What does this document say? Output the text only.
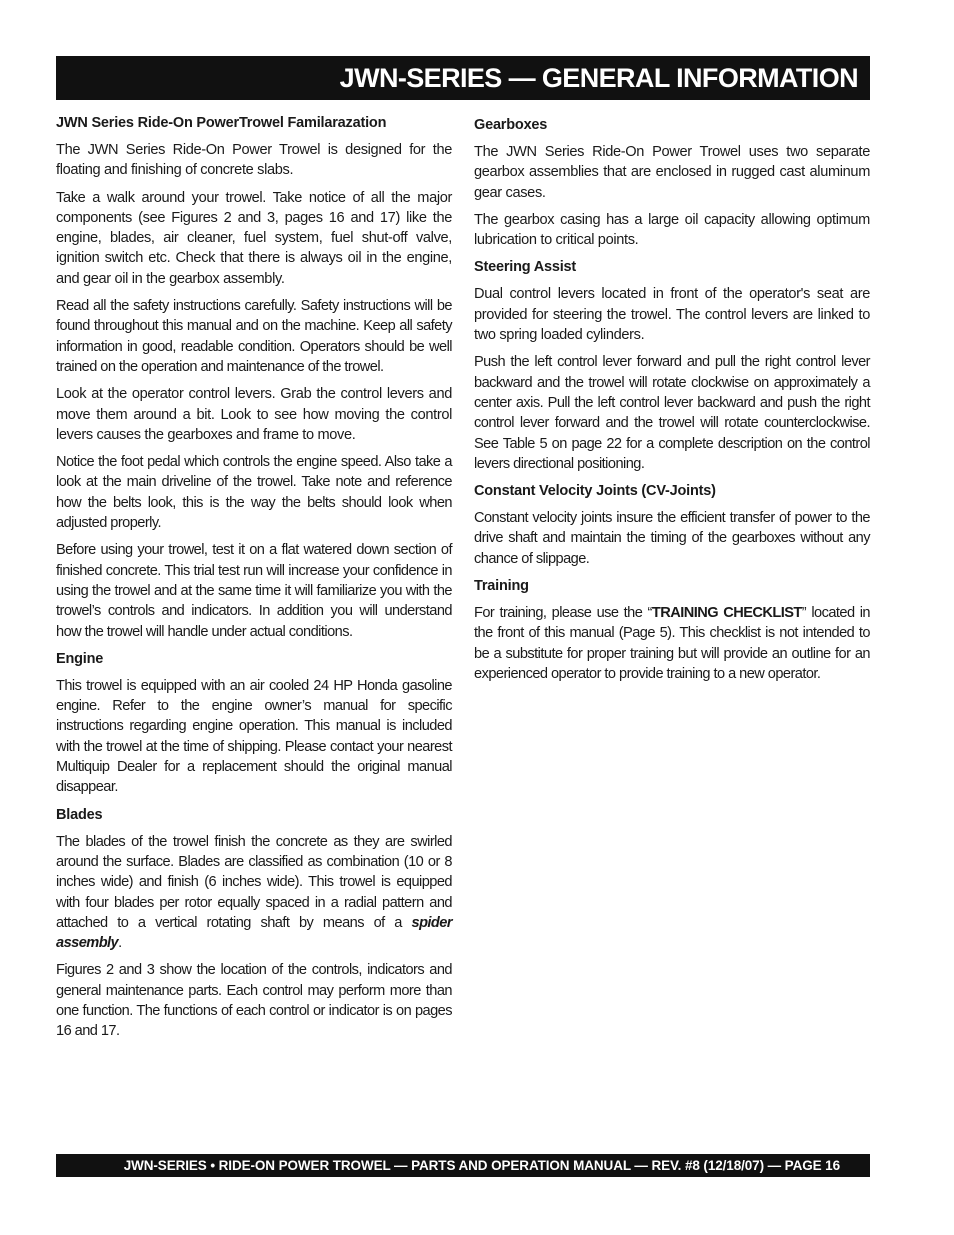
JWN-SERIES — GENERAL INFORMATION
JWN Series Ride-On PowerTrowel Familarazation

The JWN Series Ride-On Power Trowel is designed for the floating and finishing of concrete slabs.

Take a walk around your trowel. Take notice of all the major components (see Figures 2 and 3, pages 16 and 17) like the engine, blades, air cleaner, fuel system, fuel shut-off valve, ignition switch etc. Check that there is always oil in the engine, and gear oil in the gearbox assembly.

Read all the safety instructions carefully. Safety instructions will be found throughout this manual and on the machine. Keep all safety information in good, readable condition. Operators should be well trained on the operation and maintenance of the trowel.

Look at the operator control levers. Grab the control levers and move them around a bit. Look to see how moving the control levers causes the gearboxes and frame to move.

Notice the foot pedal which controls the engine speed. Also take a look at the main driveline of the trowel. Take note and reference how the belts look, this is the way the belts should look when adjusted properly.

Before using your trowel, test it on a flat watered down section of finished concrete. This trial test run will increase your confidence in using the trowel and at the same time it will familiarize you with the trowel’s controls and indicators. In addition you will understand how the trowel will handle under actual conditions.

Engine

This trowel is equipped with an air cooled 24 HP Honda gasoline engine. Refer to the engine owner’s manual for specific instructions regarding engine operation. This manual is included with the trowel at the time of shipping. Please contact your nearest Multiquip Dealer for a replacement should the original manual disappear.

Blades

The blades of the trowel finish the concrete as they are swirled around the surface. Blades are classified as combination (10 or 8 inches wide) and finish (6 inches wide). This trowel is equipped with four blades per rotor equally spaced in a radial pattern and attached to a vertical rotating shaft by means of a spider assembly.

Figures 2 and 3 show the location of the controls, indicators and general maintenance parts. Each control may perform more than one function. The functions of each control or indicator is on pages 16 and 17.

Gearboxes

The JWN Series Ride-On Power Trowel uses two separate gearbox assemblies that are enclosed in rugged cast aluminum gear cases.

The gearbox casing has a large oil capacity allowing optimum lubrication to critical points.

Steering Assist

Dual control levers located in front of the operator's seat are provided for steering the trowel. The control levers are linked to two spring loaded cylinders.

Push the left control lever forward and pull the right control lever backward and the trowel will rotate clockwise on approximately a center axis. Pull the left control lever backward and push the right control lever forward and the trowel will rotate counterclockwise. See Table 5 on page 22 for a complete description on the control levers directional positioning.

Constant Velocity Joints (CV-Joints)

Constant velocity joints insure the efficient transfer of power to the drive shaft and maintain the timing of the gearboxes without any chance of slippage.

Training

For training, please use the “TRAINING CHECKLIST” located in the front of this manual (Page 5). This checklist is not intended to be a substitute for proper training but will provide an outline for an experienced operator to provide training to a new operator.

JWN-SERIES • RIDE-ON POWER TROWEL — PARTS AND OPERATION MANUAL — REV. #8 (12/18/07) — PAGE 16
